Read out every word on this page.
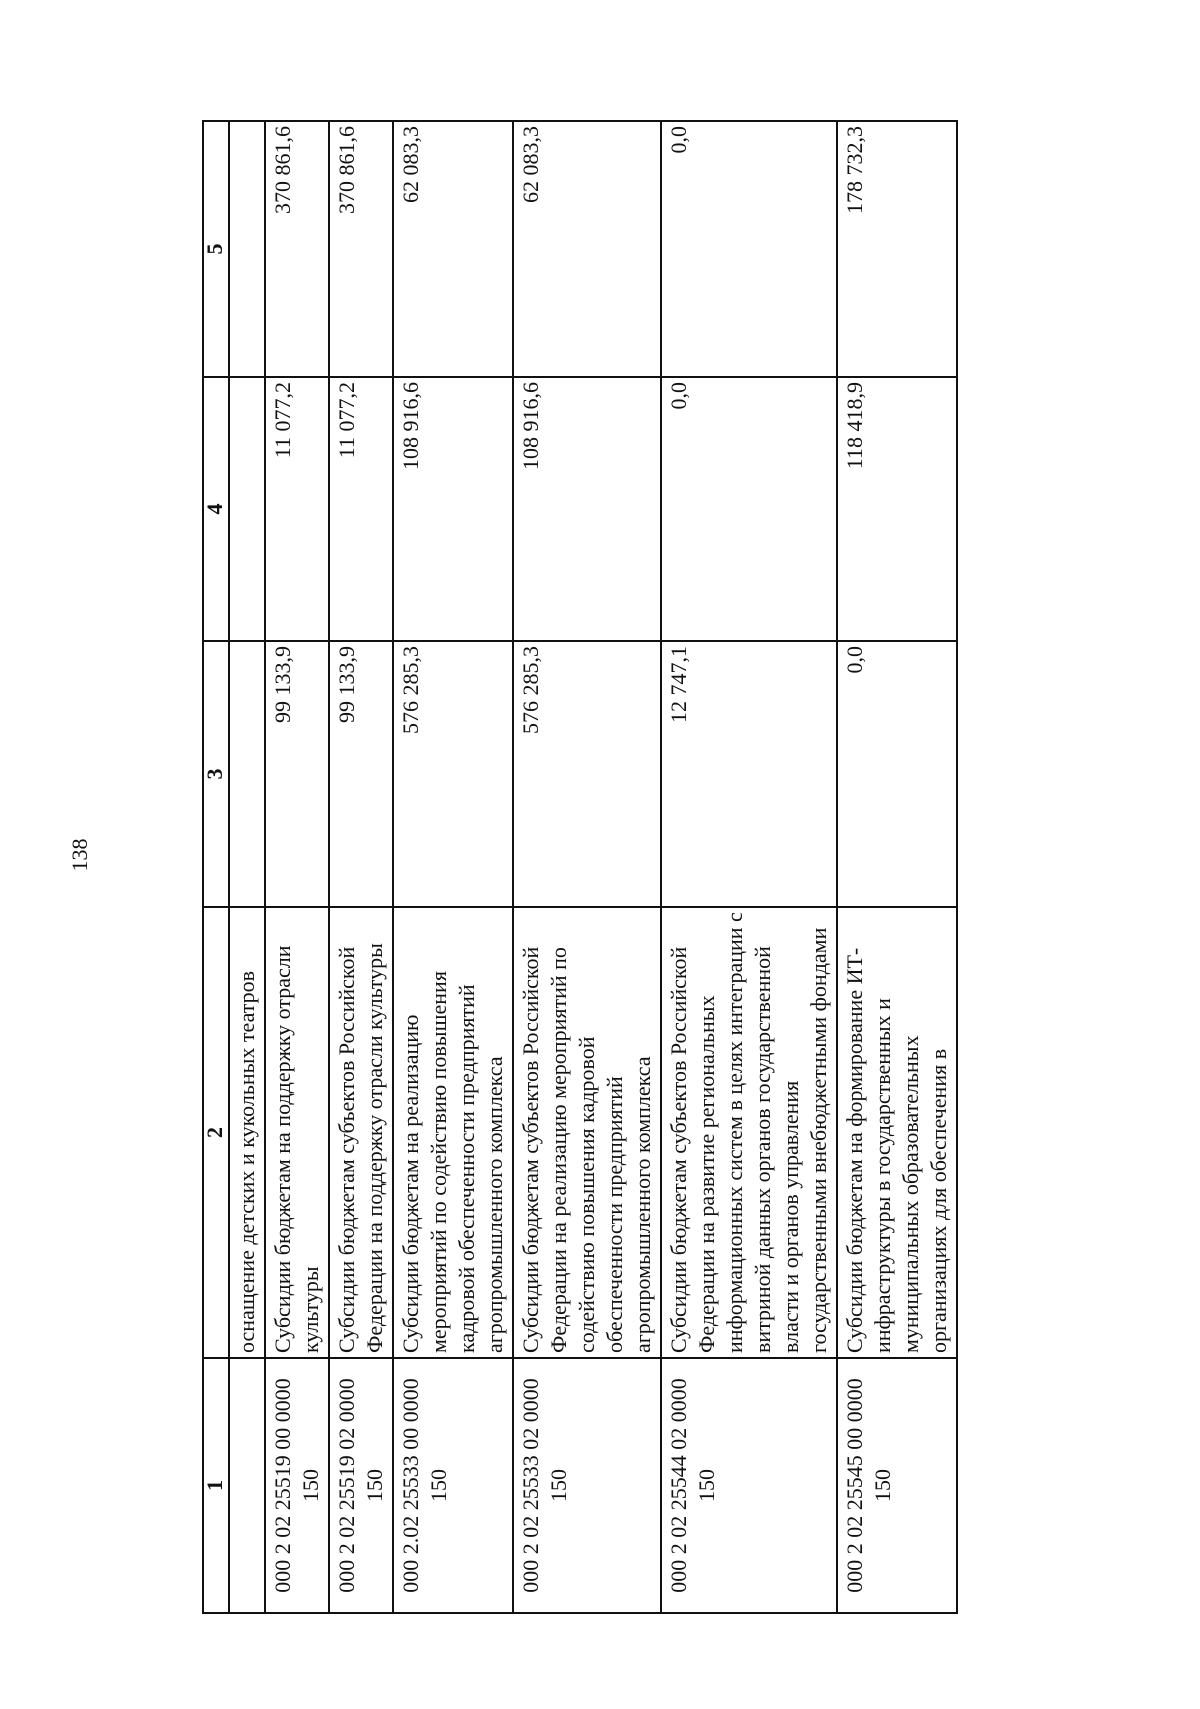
138
1	2	3	4	5
	оснащение детских и кукольных театров			
000 2 02 25519 00 0000 150	Субсидии бюджетам на поддержку отрасли культуры	99 133,9	11 077,2	370 861,6
000 2 02 25519 02 0000 150	Субсидии бюджетам субъектов Российской Федерации на поддержку отрасли культуры	99 133,9	11 077,2	370 861,6
000 2.02 25533 00 0000 150	Субсидии бюджетам на реализацию мероприятий по содействию повышения кадровой обеспеченности предприятий агропромышленного комплекса	576 285,3	108 916,6	62 083,3
000 2 02 25533 02 0000 150	Субсидии бюджетам субъектов Российской Федерации на реализацию мероприятий по содействию повышения кадровой обеспеченности предприятий агропромышленного комплекса	576 285,3	108 916,6	62 083,3
000 2 02 25544 02 0000 150	Субсидии бюджетам субъектов Российской Федерации на развитие региональных информационных систем в целях интеграции с витриной данных органов государственной власти и органов управления государственными внебюджетными фондами	12 747,1	0,0	0,0
000 2 02 25545 00 0000 150	Субсидии бюджетам на формирование ИТ-инфраструктуры в государственных и муниципальных образовательных организациях для обеспечения в	0,0	118 418,9	178 732,3
